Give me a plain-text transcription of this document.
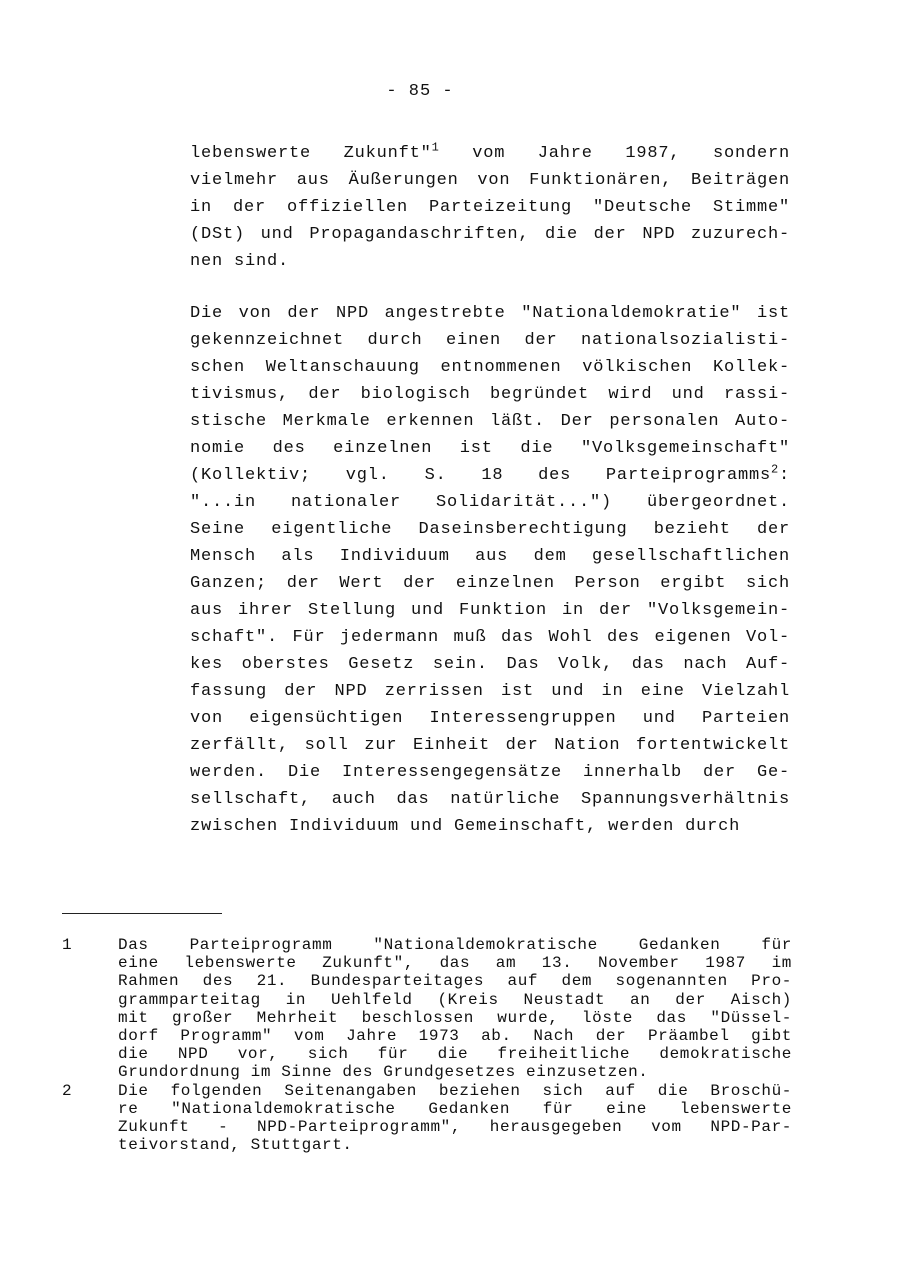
- 85 -
lebenswerte Zukunft"$^1$ vom Jahre 1987, sondern
vielmehr aus Äußerungen von Funktionären, Beiträgen
in der offiziellen Parteizeitung "Deutsche Stimme"
(DSt) und Propagandaschriften, die der NPD zuzurech-
nen sind.
Die von der NPD angestrebte "Nationaldemokratie" ist
gekennzeichnet durch einen der nationalsozialisti-
schen Weltanschauung entnommenen völkischen Kollek-
tivismus, der biologisch begründet wird und rassi-
stische Merkmale erkennen läßt. Der personalen Auto-
nomie des einzelnen ist die "Volksgemeinschaft"
(Kollektiv; vgl. S. 18 des Parteiprogramms$^2$:
"...in nationaler Solidarität...") übergeordnet.
Seine eigentliche Daseinsberechtigung bezieht der
Mensch als Individuum aus dem gesellschaftlichen
Ganzen; der Wert der einzelnen Person ergibt sich
aus ihrer Stellung und Funktion in der "Volksgemein-
schaft". Für jedermann muß das Wohl des eigenen Vol-
kes oberstes Gesetz sein. Das Volk, das nach Auf-
fassung der NPD zerrissen ist und in eine Vielzahl
von eigensüchtigen Interessengruppen und Parteien
zerfällt, soll zur Einheit der Nation fortentwickelt
werden. Die Interessengegensätze innerhalb der Ge-
sellschaft, auch das natürliche Spannungsverhältnis
zwischen Individuum und Gemeinschaft, werden durch
1	Das Parteiprogramm "Nationaldemokratische Gedanken für
eine lebenswerte Zukunft", das am 13. November 1987 im
Rahmen des 21. Bundesparteitages auf dem sogenannten Pro-
grammparteitag in Uehlfeld (Kreis Neustadt an der Aisch)
mit großer Mehrheit beschlossen wurde, löste das "Düssel-
dorf Programm" vom Jahre 1973 ab. Nach der Präambel gibt
die NPD vor, sich für die freiheitliche demokratische
Grundordnung im Sinne des Grundgesetzes einzusetzen.
2	Die folgenden Seitenangaben beziehen sich auf die Broschü-
re "Nationaldemokratische Gedanken für eine lebenswerte
Zukunft - NPD-Parteiprogramm", herausgegeben vom NPD-Par-
teivorstand, Stuttgart.
